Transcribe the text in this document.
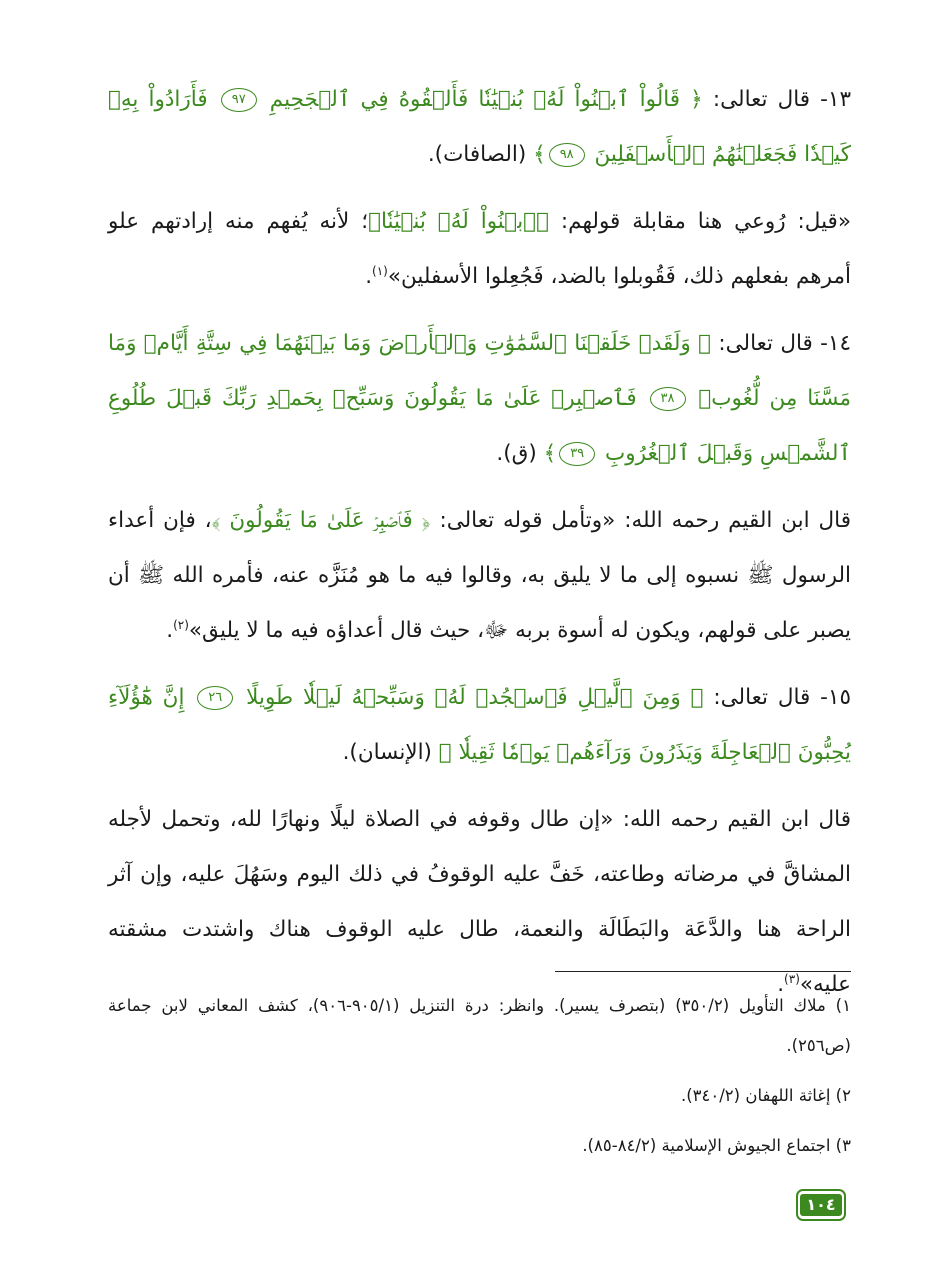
١٣- قال تعالى: ﴿ قَالُواْ ٱبۡنُواْ لَهُۥ بُنۡيَٰنٗا فَأَلۡقُوهُ فِي ٱلۡجَحِيمِ ٩٧ فَأَرَادُواْ بِهِۦ كَيۡدٗا فَجَعَلۡنَٰهُمُ ٱلۡأَسۡفَلِينَ ٩٨﴾ (الصافات).
«قيل: رُوعي هنا مقابلة قولهم: ﴿ٱبۡنُواْ لَهُۥ بُنۡيَٰنٗا﴾؛ لأنه يُفهم منه إرادتهم علو أمرهم بفعلهم ذلك، فَقُوبلوا بالضد، فَجُعِلوا الأسفلين»$^{(١)}$.
١٤- قال تعالى: ﴿ وَلَقَدۡ خَلَقۡنَا ٱلسَّمَٰوَٰتِ وَٱلۡأَرۡضَ وَمَا بَيۡنَهُمَا فِي سِتَّةِ أَيَّامٖ وَمَا مَسَّنَا مِن لُّغُوبٖ ٣٨ فَٱصۡبِرۡ عَلَىٰ مَا يَقُولُونَ وَسَبِّحۡ بِحَمۡدِ رَبِّكَ قَبۡلَ طُلُوعِ ٱلشَّمۡسِ وَقَبۡلَ ٱلۡغُرُوبِ ٣٩﴾ (ق).
قال ابن القيم رحمه الله: «وتأمل قوله تعالى: ﴿ فَٱصۡبِرۡ عَلَىٰ مَا يَقُولُونَ ﴾، فإن أعداء الرسول ﷺ نسبوه إلى ما لا يليق به، وقالوا فيه ما هو مُنَزَّه عنه، فأمره الله ﷺ أن يصبر على قولهم، ويكون له أسوة بربه ﷻ، حيث قال أعداؤه فيه ما لا يليق»$^{(٢)}$.
١٥- قال تعالى: ﴿ وَمِنَ ٱلَّيۡلِ فَٱسۡجُدۡ لَهُۥ وَسَبِّحۡهُ لَيۡلٗا طَوِيلًا ٢٦ إِنَّ هَٰٓؤُلَآءِ يُحِبُّونَ ٱلۡعَاجِلَةَ وَيَذَرُونَ وَرَآءَهُمۡ يَوۡمٗا ثَقِيلٗا ﴾ (الإنسان).
قال ابن القيم رحمه الله: «إن طال وقوفه في الصلاة ليلًا ونهارًا لله، وتحمل لأجله المشاقَّ في مرضاته وطاعته، خَفَّ عليه الوقوفُ في ذلك اليوم وسَهُلَ عليه، وإن آثر الراحة هنا والدَّعَة والبَطَالَة والنعمة، طال عليه الوقوف هناك واشتدت مشقته عليه»$^{(٣)}$.

١) ملاك التأويل (٣٥٠/٢) (بتصرف يسير). وانظر: درة التنزيل (٩٠٥/١-٩٠٦)، كشف المعاني لابن جماعة (ص٢٥٦).

٢) إغاثة اللهفان (٣٤٠/٢).

٣) اجتماع الجيوش الإسلامية (٨٤/٢-٨٥).

١٠٤
